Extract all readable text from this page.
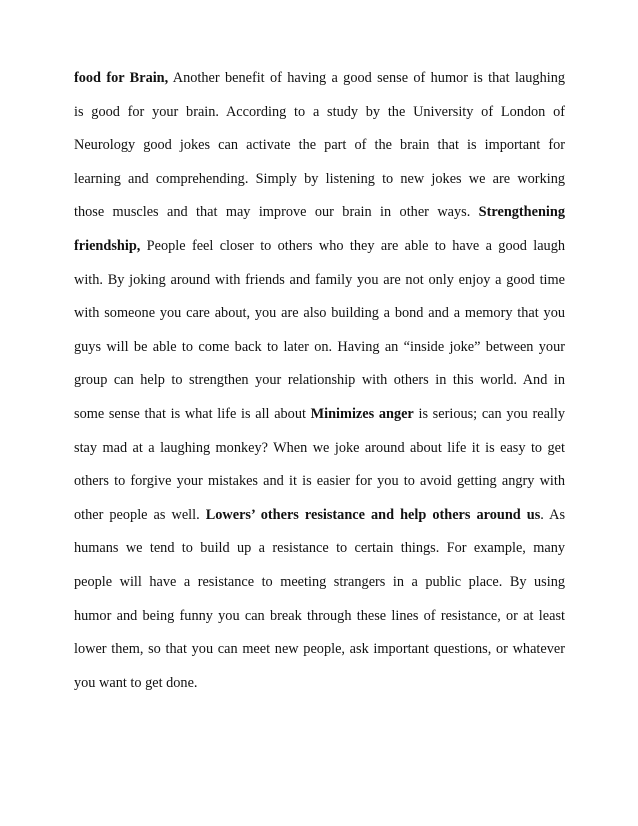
food for Brain, Another benefit of having a good sense of humor is that laughing
is good for your brain. According to a study by the University of London of
Neurology good jokes can activate the part of the brain that is important for
learning and comprehending. Simply by listening to new jokes we are working
those muscles and that may improve our brain in other ways. Strengthening
friendship, People feel closer to others who they are able to have a good laugh
with. By joking around with friends and family you are not only enjoy a good time
with someone you care about, you are also building a bond and a memory that you
guys will be able to come back to later on. Having an “inside joke” between your
group can help to strengthen your relationship with others in this world. And in
some sense that is what life is all about Minimizes anger is serious; can you really
stay mad at a laughing monkey? When we joke around about life it is easy to get
others to forgive your mistakes and it is easier for you to avoid getting angry with
other people as well. Lowers’ others resistance and help others around us. As
humans we tend to build up a resistance to certain things. For example, many
people will have a resistance to meeting strangers in a public place. By using
humor and being funny you can break through these lines of resistance, or at least
lower them, so that you can meet new people, ask important questions, or whatever
you want to get done.
